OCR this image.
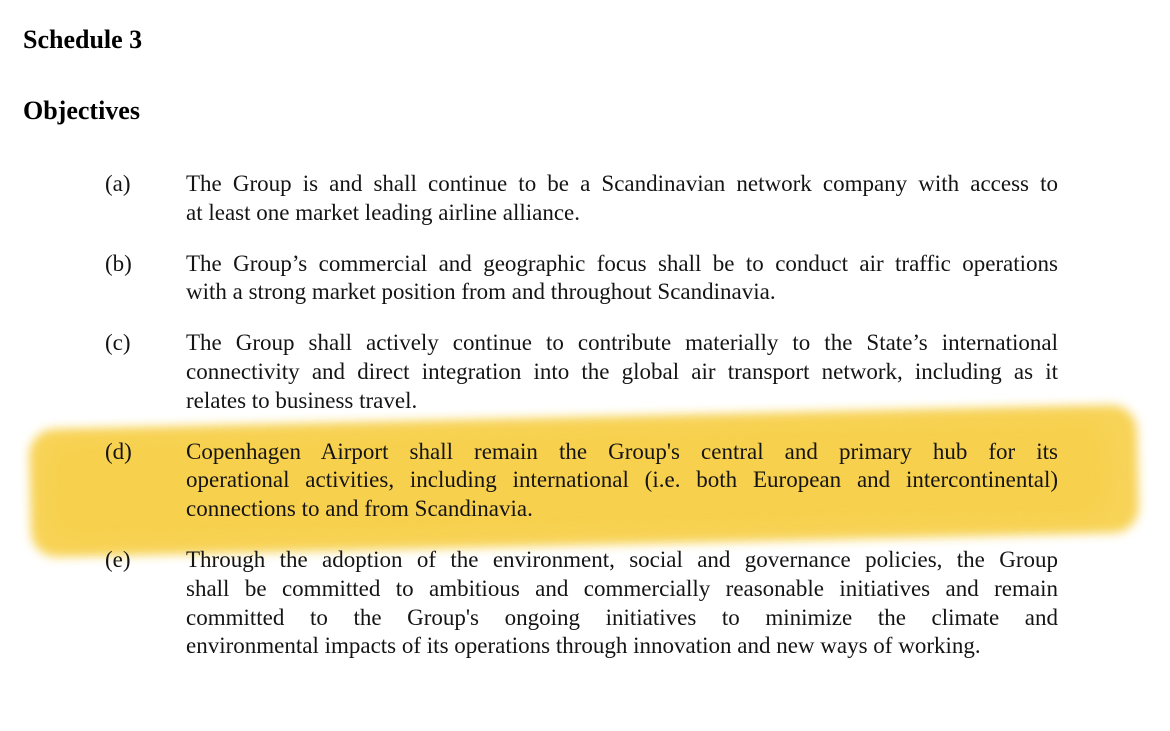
Schedule 3
Objectives
(a)	The Group is and shall continue to be a Scandinavian network company with access to
at least one market leading airline alliance.
(b)	The Group’s commercial and geographic focus shall be to conduct air traffic operations
with a strong market position from and throughout Scandinavia.
(c)	The Group shall actively continue to contribute materially to the State’s international
connectivity and direct integration into the global air transport network, including as it
relates to business travel.
(d)	Copenhagen Airport shall remain the Group's central and primary hub for its
operational activities, including international (i.e. both European and intercontinental)
connections to and from Scandinavia.
(e)	Through the adoption of the environment, social and governance policies, the Group
shall be committed to ambitious and commercially reasonable initiatives and remain
committed to the Group's ongoing initiatives to minimize the climate and
environmental impacts of its operations through innovation and new ways of working.
